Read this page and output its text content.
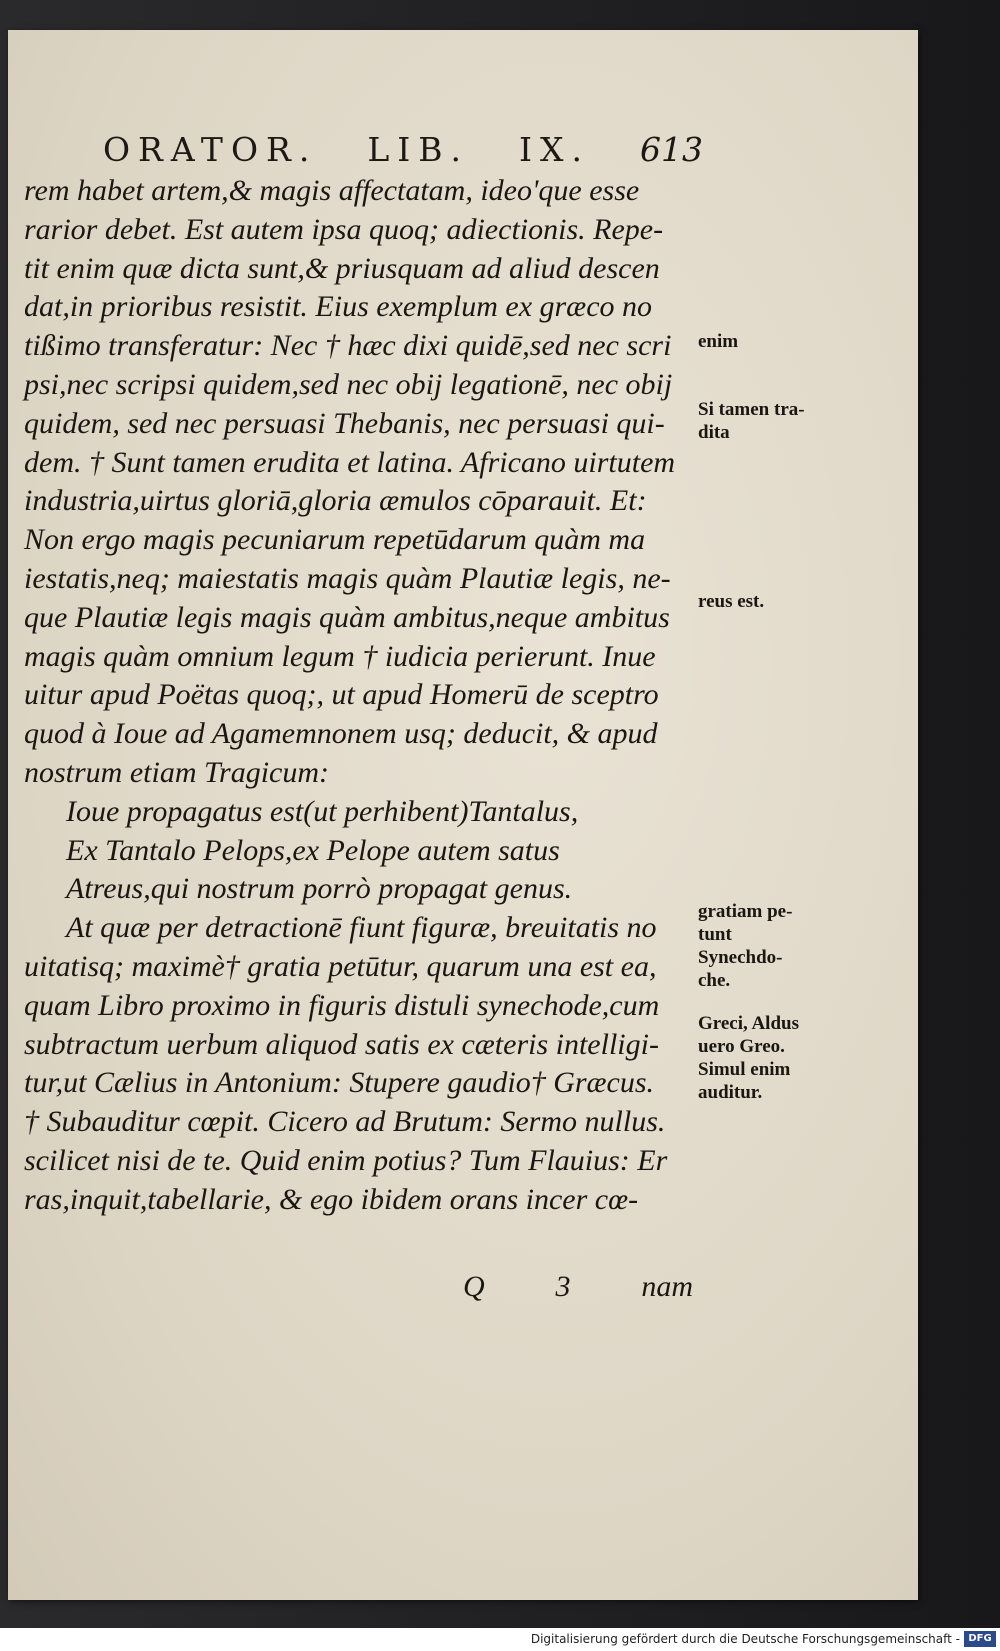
ORATOR. LIB. IX. 613
rem habet artem,& magis affectatam, ideo'que esse
rarior debet. Est autem ipsa quoq; adiectionis. Repe-
tit enim quæ dicta sunt,& priusquam ad aliud descen
dat,in prioribus resistit. Eius exemplum ex græco no
tißimo transferatur: Nec † hæc dixi quidē,sed nec scri
psi,nec scripsi quidem,sed nec obij legationē, nec obij
quidem, sed nec persuasi Thebanis, nec persuasi qui-
dem. † Sunt tamen erudita et latina. Africano uirtutem
industria,uirtus gloriā,gloria æmulos cōparauit. Et:
Non ergo magis pecuniarum repetūdarum quàm ma
iestatis,neq; maiestatis magis quàm Plautiæ legis, ne-
que Plautiæ legis magis quàm ambitus,neque ambitus
magis quàm omnium legum † iudicia perierunt. Inue
uitur apud Poëtas quoq;, ut apud Homerū de sceptro
quod à Ioue ad Agamemnonem usq; deducit, & apud
nostrum etiam Tragicum:
Ioue propagatus est(ut perhibent)Tantalus,
Ex Tantalo Pelops,ex Pelope autem satus
Atreus,qui nostrum porrò propagat genus.
At quæ per detractionē fiunt figuræ, breuitatis no
uitatisq; maximè† gratia petūtur, quarum una est ea,
quam Libro proximo in figuris distuli synechode,cum
subtractum uerbum aliquod satis ex cæteris intelligi-
tur,ut Cælius in Antonium: Stupere gaudio† Græcus.
† Subauditur cœpit. Cicero ad Brutum: Sermo nullus.
scilicet nisi de te. Quid enim potius? Tum Flauius: Er
ras,inquit,tabellarie, & ego ibidem orans incer cœ-
enim
Si tamen tra-
dita
reus est.
gratiam pe-
tunt
Synechdo-
che.
Greci, Aldus
uero Greo.
Simul enim
auditur.
Q 3 nam
Digitalisierung gefördert durch die Deutsche Forschungsgemeinschaft - DFG
